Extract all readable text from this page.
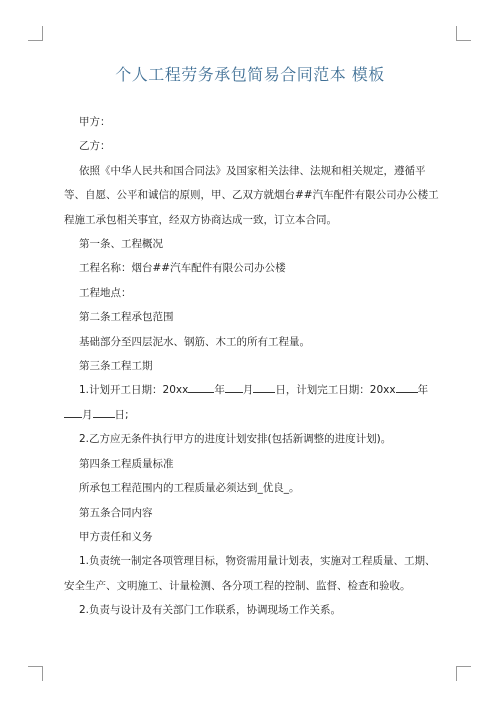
个人工程劳务承包简易合同范本 模板

甲方：

乙方：

依照《中华人民共和国合同法》及国家相关法律、法规和相关规定，遵循平等、自愿、公平和诚信的原则，甲、乙双方就烟台##汽车配件有限公司办公楼工程施工承包相关事宜，经双方协商达成一致，订立本合同。

第一条、工程概况

工程名称：烟台##汽车配件有限公司办公楼

工程地点：

第二条工程承包范围

基础部分至四层泥水、钢筋、木工的所有工程量。

第三条工程工期

1.计划开工日期：20xx 年 月 日，计划完工日期：20xx 年月 日;

2.乙方应无条件执行甲方的进度计划安排(包括新调整的进度计划)。

第四条工程质量标准

所承包工程范围内的工程质量必须达到_优良_。

第五条合同内容

甲方责任和义务

1.负责统一制定各项管理目标，物资需用量计划表，实施对工程质量、工期、安全生产、文明施工、计量检测、各分项工程的控制、监督、检查和验收。

2.负责与设计及有关部门工作联系，协调现场工作关系。
